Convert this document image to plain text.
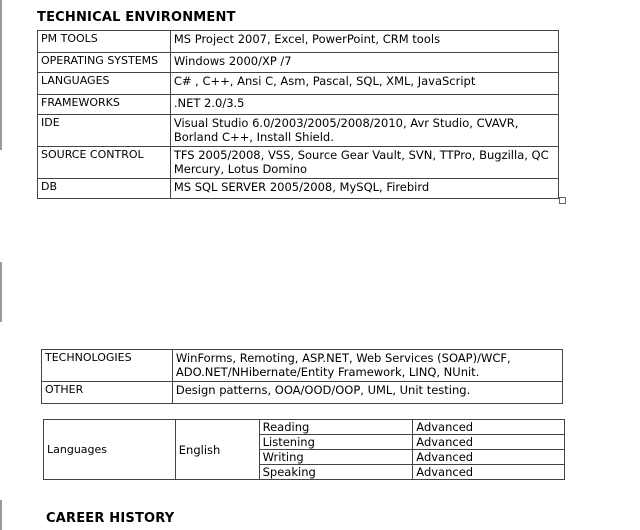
TECHNICAL ENVIRONMENT
PM TOOLS	MS Project 2007, Excel, PowerPoint, CRM tools
OPERATING SYSTEMS	Windows 2000/XP /7
LANGUAGES	C# , C++, Ansi C, Asm, Pascal, SQL, XML, JavaScript
FRAMEWORKS	.NET 2.0/3.5
IDE	Visual Studio 6.0/2003/2005/2008/2010, Avr Studio, CVAVR, Borland C++, Install Shield.
SOURCE CONTROL	TFS 2005/2008, VSS, Source Gear Vault, SVN, TTPro, Bugzilla, QC Mercury, Lotus Domino
DB	MS SQL SERVER 2005/2008, MySQL, Firebird
TECHNOLOGIES	WinForms, Remoting, ASP.NET, Web Services (SOAP)/WCF, ADO.NET/NHibernate/Entity Framework, LINQ, NUnit.
OTHER	Design patterns, OOA/OOD/OOP, UML, Unit testing.
Languages	English	Reading	Advanced
		Listening	Advanced
		Writing	Advanced
		Speaking	Advanced
CAREER HISTORY
